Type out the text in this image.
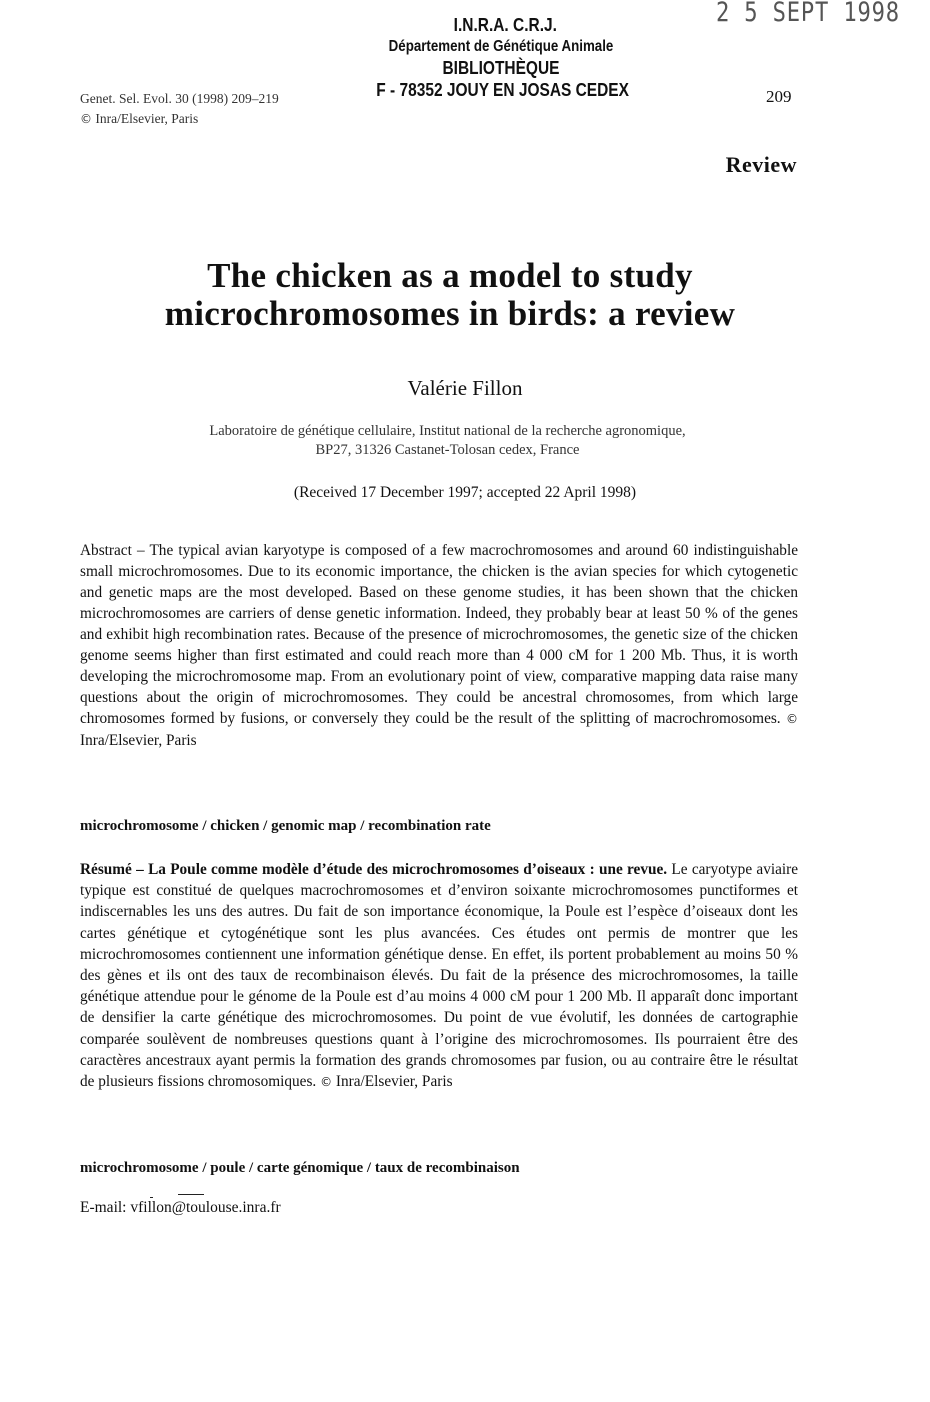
2 5 SEPT 1998
I.N.R.A. C.R.J.
Département de Génétique Animale
BIBLIOTHÈQUE
F - 78352 JOUY EN JOSAS CEDEX
Genet. Sel. Evol. 30 (1998) 209–219
© Inra/Elsevier, Paris
209
Review
The chicken as a model to study
microchromosomes in birds: a review
Valérie Fillon
Laboratoire de génétique cellulaire, Institut national de la recherche agronomique,
BP27, 31326 Castanet-Tolosan cedex, France
(Received 17 December 1997; accepted 22 April 1998)

Abstract – The typical avian karyotype is composed of a few macrochromosomes and around 60 indistinguishable small microchromosomes. Due to its economic importance, the chicken is the avian species for which cytogenetic and genetic maps are the most developed. Based on these genome studies, it has been shown that the chicken microchromosomes are carriers of dense genetic information. Indeed, they probably bear at least 50 % of the genes and exhibit high recombination rates. Because of the presence of microchromosomes, the genetic size of the chicken genome seems higher than first estimated and could reach more than 4 000 cM for 1 200 Mb. Thus, it is worth developing the microchromosome map. From an evolutionary point of view, comparative mapping data raise many questions about the origin of microchromosomes. They could be ancestral chromosomes, from which large chromosomes formed by fusions, or conversely they could be the result of the splitting of macrochromosomes. © Inra/Elsevier, Paris

microchromosome / chicken / genomic map / recombination rate

Résumé – La Poule comme modèle d’étude des microchromosomes d’oiseaux : une revue. Le caryotype aviaire typique est constitué de quelques macrochromosomes et d’environ soixante microchromosomes punctiformes et indiscernables les uns des autres. Du fait de son importance économique, la Poule est l’espèce d’oiseaux dont les cartes génétique et cytogénétique sont les plus avancées. Ces études ont permis de montrer que les microchromosomes contiennent une information génétique dense. En effet, ils portent probablement au moins 50 % des gènes et ils ont des taux de recombinaison élevés. Du fait de la présence des microchromosomes, la taille génétique attendue pour le génome de la Poule est d’au moins 4 000 cM pour 1 200 Mb. Il apparaît donc important de densifier la carte génétique des microchromosomes. Du point de vue évolutif, les données de cartographie comparée soulèvent de nombreuses questions quant à l’origine des microchromosomes. Ils pourraient être des caractères ancestraux ayant permis la formation des grands chromosomes par fusion, ou au contraire être le résultat de plusieurs fissions chromosomiques. © Inra/Elsevier, Paris

microchromosome / poule / carte génomique / taux de recombinaison
E-mail: vfillon@toulouse.inra.fr
